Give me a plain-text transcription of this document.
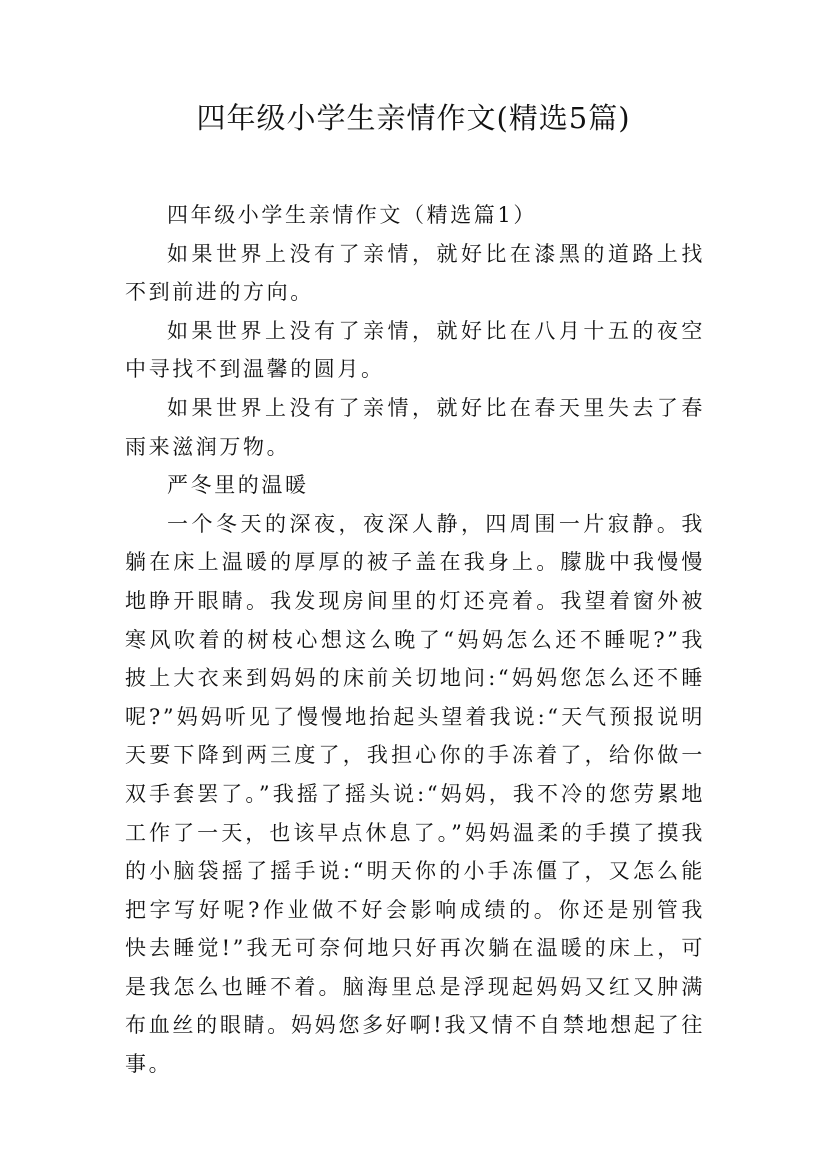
四年级小学生亲情作文(精选5篇)

四年级小学生亲情作文（精选篇1）

如果世界上没有了亲情，就好比在漆黑的道路上找不到前进的方向。

如果世界上没有了亲情，就好比在八月十五的夜空中寻找不到温馨的圆月。

如果世界上没有了亲情，就好比在春天里失去了春雨来滋润万物。

严冬里的温暖

一个冬天的深夜，夜深人静，四周围一片寂静。我躺在床上温暖的厚厚的被子盖在我身上。朦胧中我慢慢地睁开眼睛。我发现房间里的灯还亮着。我望着窗外被寒风吹着的树枝心想这么晚了“妈妈怎么还不睡呢?”我披上大衣来到妈妈的床前关切地问:“妈妈您怎么还不睡呢?”妈妈听见了慢慢地抬起头望着我说:“天气预报说明天要下降到两三度了，我担心你的手冻着了，给你做一双手套罢了。”我摇了摇头说:“妈妈，我不冷的您劳累地工作了一天，也该早点休息了。”妈妈温柔的手摸了摸我的小脑袋摇了摇手说:“明天你的小手冻僵了，又怎么能把字写好呢?作业做不好会影响成绩的。你还是别管我快去睡觉!”我无可奈何地只好再次躺在温暖的床上，可是我怎么也睡不着。脑海里总是浮现起妈妈又红又肿满布血丝的眼睛。妈妈您多好啊!我又情不自禁地想起了往事。
